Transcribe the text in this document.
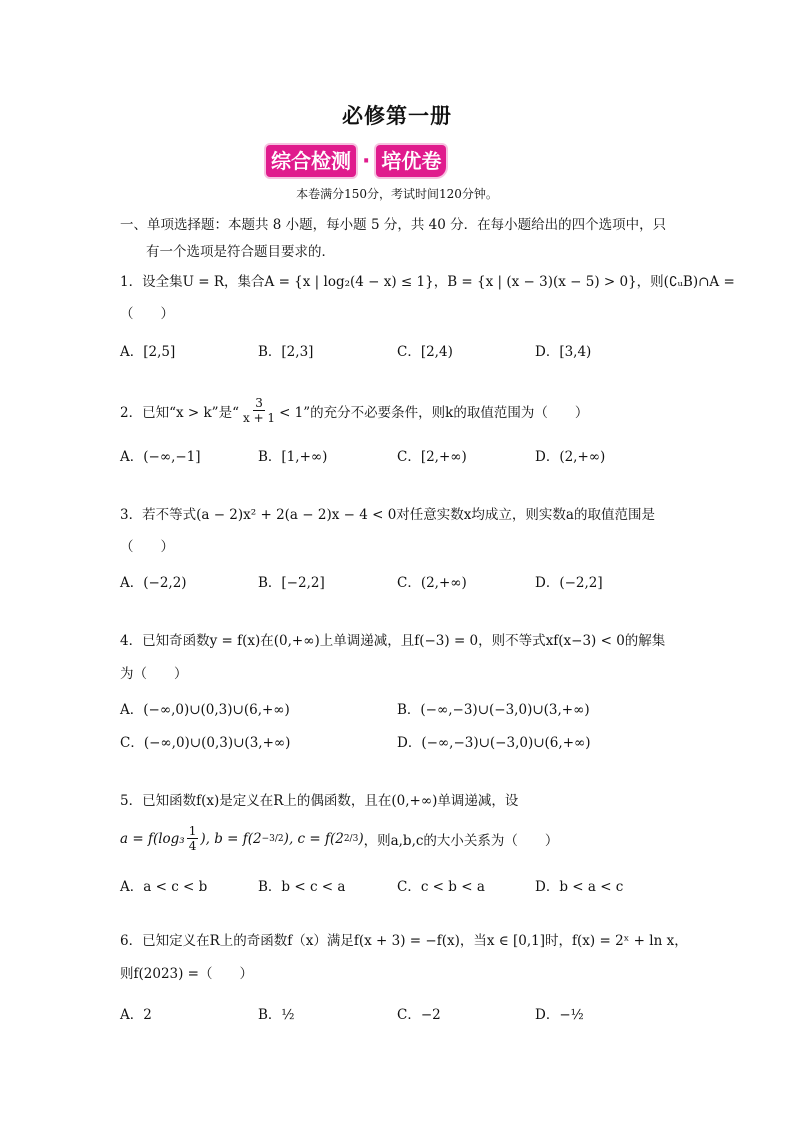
必修第一册
综合检测 · 培优卷
本卷满分150分，考试时间120分钟。
一、单项选择题：本题共 8 小题，每小题 5 分，共 40 分．在每小题给出的四个选项中，只
有一个选项是符合题目要求的．
1．设全集U = R，集合A = {x | log₂(4 − x) ≤ 1}，B = {x | (x − 3)(x − 5) > 0}，则(∁ᵤB)∩A =
（　　）
A．[2,5]	B．[2,3]	C．[2,4)	D．[3,4)
2．已知“x > k”是“ $\frac{3}{x + 1} < 1$”的充分不必要条件，则k的取值范围为（　　）
A．(−∞,−1]	B．[1,+∞)	C．[2,+∞)	D．(2,+∞)
3．若不等式(a − 2)x² + 2(a − 2)x − 4 < 0对任意实数x均成立，则实数a的取值范围是
（　　）
A．(−2,2)	B．[−2,2]	C．(2,+∞)	D．(−2,2]
4．已知奇函数y = f(x)在(0,+∞)上单调递减，且f(−3) = 0，则不等式xf(x−3) < 0的解集
为（　　）
A．(−∞,0)∪(0,3)∪(6,+∞)	B．(−∞,−3)∪(−3,0)∪(3,+∞)
C．(−∞,0)∪(0,3)∪(3,+∞)	D．(−∞,−3)∪(−3,0)∪(6,+∞)
5．已知函数f(x)是定义在R上的偶函数，且在(0,+∞)单调递减，设
$a = f(\log_3 \frac{1}{4}$ ) , b = f(2 −3/2 ) , c = f(2 2/3 ) ，则a,b,c的大小关系为（　　）
A．a < c < b	B．b < c < a	C．c < b < a	D．b < a < c
6．已知定义在R上的奇函数f（x）满足f(x + 3) = −f(x)，当x ∈ [0,1]时，f(x) = 2ˣ + ln x，
则f(2023) =（　　）
A．2	B．½	C．−2	D．−½
